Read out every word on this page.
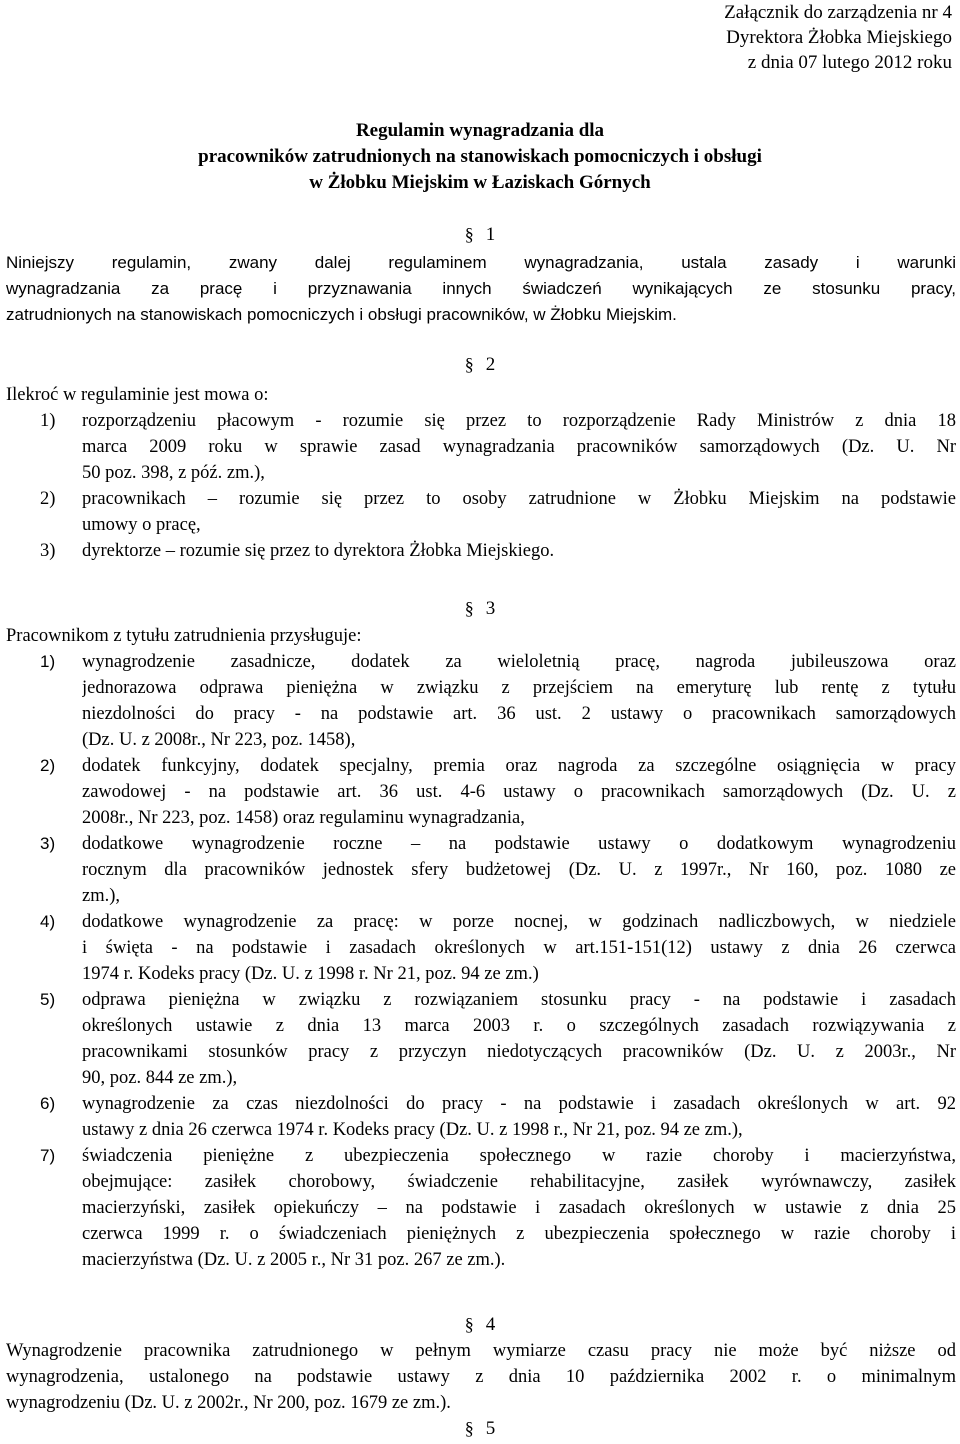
Załącznik do zarządzenia nr 4
Dyrektora Żłobka Miejskiego
z dnia 07 lutego 2012 roku
Regulamin wynagradzania dla
pracowników zatrudnionych na stanowiskach pomocniczych i obsługi
w Żłobku Miejskim w Łaziskach Górnych
§ 1
Niniejszy regulamin, zwany dalej regulaminem wynagradzania, ustala zasady i warunki
wynagradzania za pracę i przyznawania innych świadczeń wynikających ze stosunku pracy,
zatrudnionych na stanowiskach pomocniczych i obsługi pracowników, w Żłobku Miejskim.
§ 2
Ilekroć w regulaminie jest mowa o:
1) rozporządzeniu płacowym - rozumie się przez to rozporządzenie Rady Ministrów z dnia 18
marca 2009 roku w sprawie zasad wynagradzania pracowników samorządowych (Dz. U. Nr
50 poz. 398, z póź. zm.),
2) pracownikach – rozumie się przez to osoby zatrudnione w Żłobku Miejskim na podstawie
umowy o pracę,
3) dyrektorze – rozumie się przez to dyrektora Żłobka Miejskiego.
§ 3
Pracownikom z tytułu zatrudnienia przysługuje:
1) wynagrodzenie zasadnicze, dodatek za wieloletnią pracę, nagroda jubileuszowa oraz
jednorazowa odprawa pieniężna w związku z przejściem na emeryturę lub rentę z tytułu
niezdolności do pracy - na podstawie art. 36 ust. 2 ustawy o pracownikach samorządowych
(Dz. U. z 2008r., Nr 223, poz. 1458),
2) dodatek funkcyjny, dodatek specjalny, premia oraz nagroda za szczególne osiągnięcia w pracy
zawodowej - na podstawie art. 36 ust. 4-6 ustawy o pracownikach samorządowych (Dz. U. z
2008r., Nr 223, poz. 1458) oraz regulaminu wynagradzania,
3) dodatkowe wynagrodzenie roczne – na podstawie ustawy o dodatkowym wynagrodzeniu
rocznym dla pracowników jednostek sfery budżetowej (Dz. U. z 1997r., Nr 160, poz. 1080 ze
zm.),
4) dodatkowe wynagrodzenie za pracę: w porze nocnej, w godzinach nadliczbowych, w niedziele
i święta - na podstawie i zasadach określonych w art.151-151(12) ustawy z dnia 26 czerwca
1974 r. Kodeks pracy (Dz. U. z 1998 r. Nr 21, poz. 94 ze zm.)
5) odprawa pieniężna w związku z rozwiązaniem stosunku pracy - na podstawie i zasadach
określonych ustawie z dnia 13 marca 2003 r. o szczególnych zasadach rozwiązywania z
pracownikami stosunków pracy z przyczyn niedotyczących pracowników (Dz. U. z 2003r., Nr
90, poz. 844 ze zm.),
6) wynagrodzenie za czas niezdolności do pracy - na podstawie i zasadach określonych w art. 92
ustawy z dnia 26 czerwca 1974 r. Kodeks pracy (Dz. U. z 1998 r., Nr 21, poz. 94 ze zm.),
7) świadczenia pieniężne z ubezpieczenia społecznego w razie choroby i macierzyństwa,
obejmujące: zasiłek chorobowy, świadczenie rehabilitacyjne, zasiłek wyrównawczy, zasiłek
macierzyński, zasiłek opiekuńczy – na podstawie i zasadach określonych w ustawie z dnia 25
czerwca 1999 r. o świadczeniach pieniężnych z ubezpieczenia społecznego w razie choroby i
macierzyństwa (Dz. U. z 2005 r., Nr 31 poz. 267 ze zm.).
§ 4
Wynagrodzenie pracownika zatrudnionego w pełnym wymiarze czasu pracy nie może być niższe od
wynagrodzenia, ustalonego na podstawie ustawy z dnia 10 października 2002 r. o minimalnym
wynagrodzeniu (Dz. U. z 2002r., Nr 200, poz. 1679 ze zm.).
§ 5
